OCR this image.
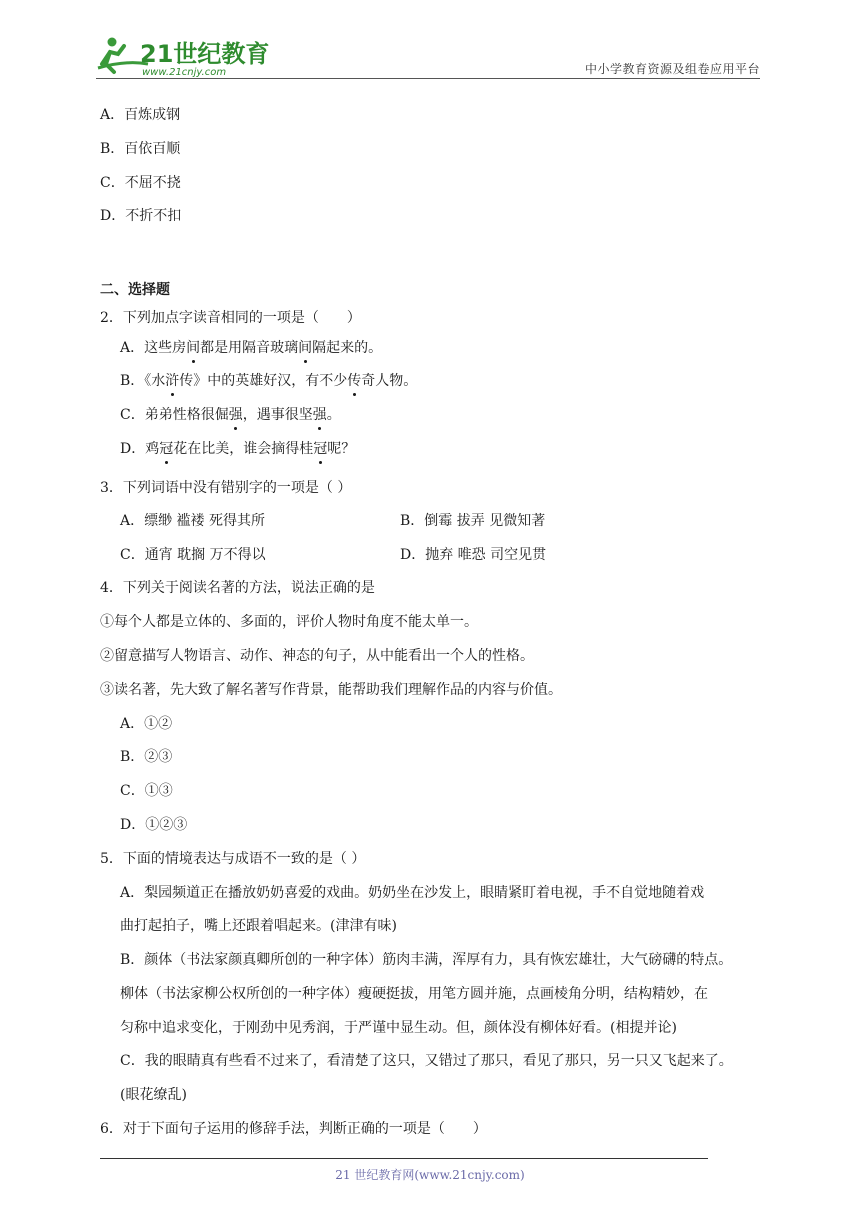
21世纪教育
www.21cnjy.com	中小学教育资源及组卷应用平台
A．百炼成钢
B．百依百顺
C．不屈不挠
D．不折不扣
二、选择题
2．下列加点字读音相同的一项是（　　）
A．这些房间都是用隔音玻璃间隔起来的。
B．《水浒传》中的英雄好汉，有不少传奇人物。
C．弟弟性格很倔强，遇事很坚强。
D．鸡冠花在比美，谁会摘得桂冠呢？
3．下列词语中没有错别字的一项是（ ）
A．缥缈 褴褛 死得其所	B．倒霉 拔弄 见微知著
C．通宵 耽搁 万不得以	D．抛弃 唯恐 司空见贯
4．下列关于阅读名著的方法，说法正确的是
①每个人都是立体的、多面的，评价人物时角度不能太单一。
②留意描写人物语言、动作、神态的句子，从中能看出一个人的性格。
③读名著，先大致了解名著写作背景，能帮助我们理解作品的内容与价值。
A．①②
B．②③
C．①③
D．①②③
5．下面的情境表达与成语不一致的是（ ）
A．梨园频道正在播放奶奶喜爱的戏曲。奶奶坐在沙发上，眼睛紧盯着电视，手不自觉地随着戏
曲打起拍子，嘴上还跟着唱起来。(津津有味)
B．颜体（书法家颜真卿所创的一种字体）筋肉丰满，浑厚有力，具有恢宏雄壮，大气磅礴的特点。
柳体（书法家柳公权所创的一种字体）瘦硬挺拔，用笔方圆并施，点画棱角分明，结构精妙，在
匀称中追求变化，于刚劲中见秀润，于严谨中显生动。但，颜体没有柳体好看。(相提并论)
C．我的眼睛真有些看不过来了，看清楚了这只，又错过了那只，看见了那只，另一只又飞起来了。
(眼花缭乱)
6．对于下面句子运用的修辞手法，判断正确的一项是（　　）
21 世纪教育网(www.21cnjy.com)
